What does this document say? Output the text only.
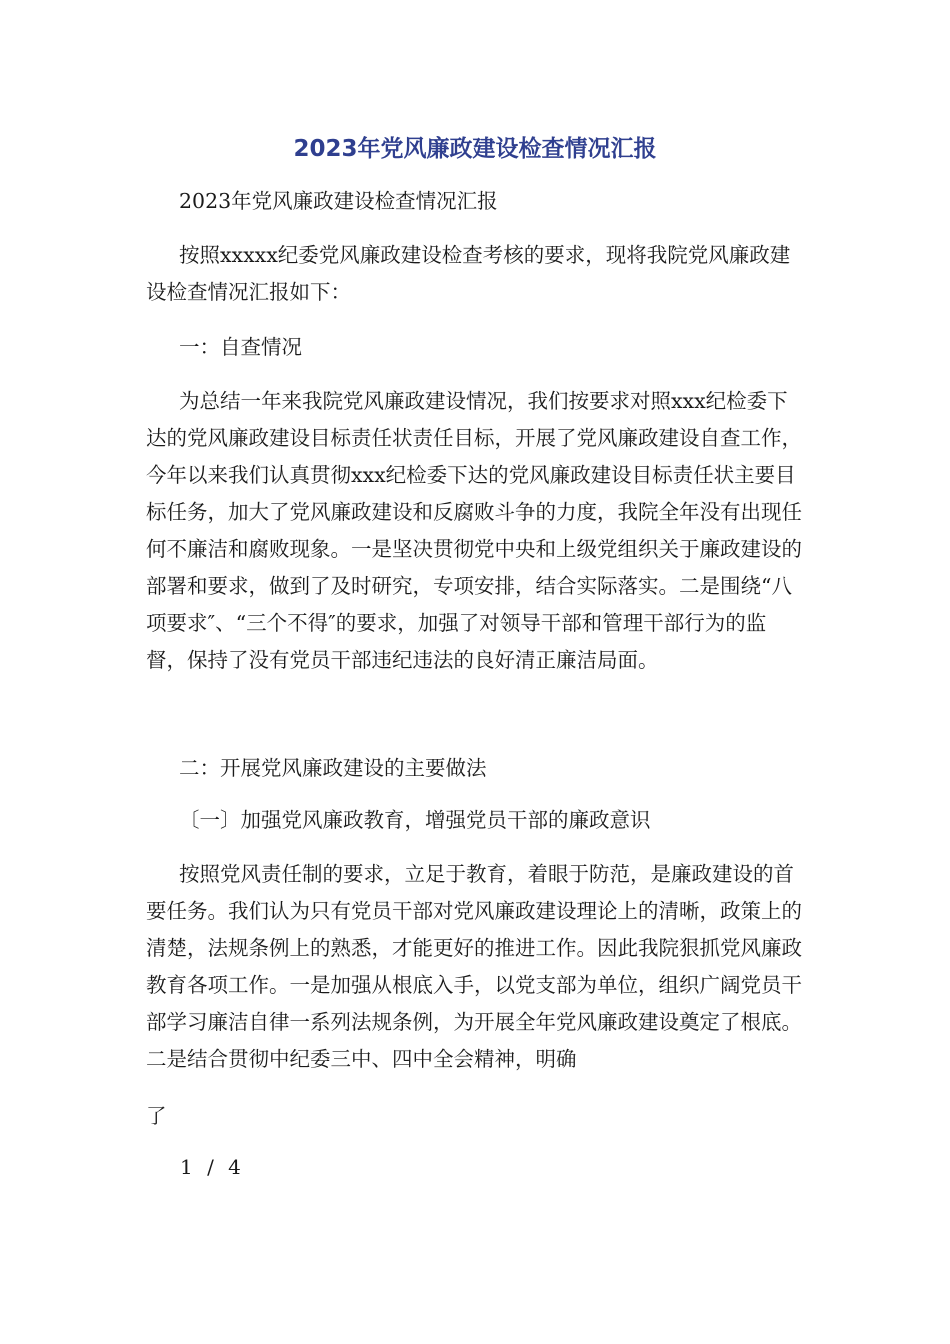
2023年党风廉政建设检查情况汇报

2023年党风廉政建设检查情况汇报

按照xxxxx纪委党风廉政建设检查考核的要求，现将我院党风廉政建设检查情况汇报如下：

一：自查情况

为总结一年来我院党风廉政建设情况，我们按要求对照xxx纪检委下达的党风廉政建设目标责任状责任目标，开展了党风廉政建设自查工作，今年以来我们认真贯彻xxx纪检委下达的党风廉政建设目标责任状主要目标任务，加大了党风廉政建设和反腐败斗争的力度，我院全年没有出现任何不廉洁和腐败现象。一是坚决贯彻党中央和上级党组织关于廉政建设的部署和要求，做到了及时研究，专项安排，结合实际落实。二是围绕“八项要求″、“三个不得″的要求，加强了对领导干部和管理干部行为的监督，保持了没有党员干部违纪违法的良好清正廉洁局面。

二：开展党风廉政建设的主要做法

〔一〕加强党风廉政教育，增强党员干部的廉政意识

按照党风责任制的要求，立足于教育，着眼于防范，是廉政建设的首要任务。我们认为只有党员干部对党风廉政建设理论上的清晰，政策上的清楚，法规条例上的熟悉，才能更好的推进工作。因此我院狠抓党风廉政教育各项工作。一是加强从根底入手，以党支部为单位，组织广阔党员干部学习廉洁自律一系列法规条例，为开展全年党风廉政建设奠定了根底。二是结合贯彻中纪委三中、四中全会精神，明确

了

1 / 4
